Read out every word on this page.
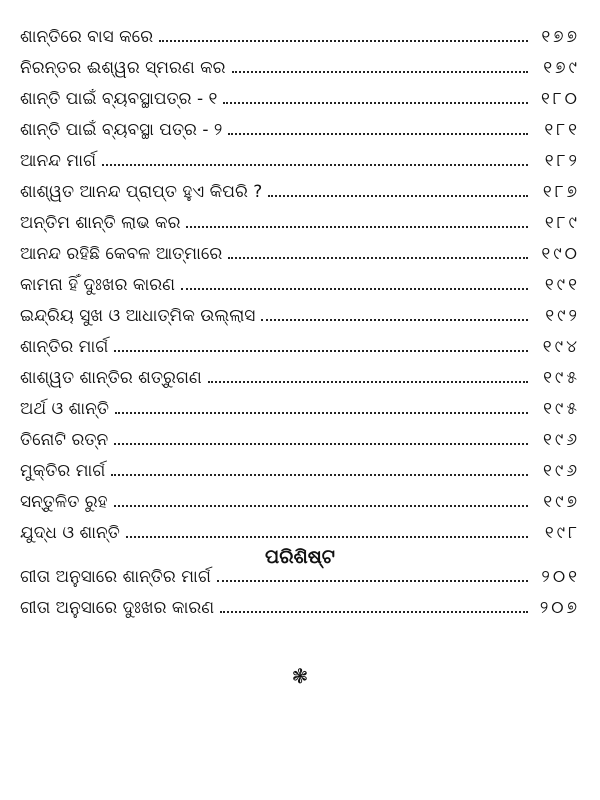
ଶାନ୍ତିରେ ବାସ କରେ	୧୭୭
ନିରନ୍ତର ଈଶ୍ୱର ସ୍ମରଣ କର	୧୭୯
ଶାନ୍ତି ପାଇଁ ବ୍ୟବସ୍ଥାପତ୍ର - ୧	୧୮୦
ଶାନ୍ତି ପାଇଁ ବ୍ୟବସ୍ଥା ପତ୍ର - ୨	୧୮୧
ଆନନ୍ଦ ମାର୍ଗ	୧୮୨
ଶାଶ୍ୱତ ଆନନ୍ଦ ପ୍ରାପ୍ତ ହୁଏ କିପରି ?	୧୮୭
ଅନ୍ତିମ ଶାନ୍ତି ଲାଭ କର	୧୮୯
ଆନନ୍ଦ ରହିଛି କେବଳ ଆତ୍ମାରେ	୧୯୦
କାମନା ହିଁ ଦୁଃଖର କାରଣ	୧୯୧
ଇନ୍ଦ୍ରିୟ ସୁଖ ଓ ଆଧାତ୍ମିକ ଉଲ୍ଲାସ	୧୯୨
ଶାନ୍ତିର ମାର୍ଗ	୧୯୪
ଶାଶ୍ୱତ ଶାନ୍ତିର ଶତ୍ରୁଗଣ	୧୯୫
ଅର୍ଥ ଓ ଶାନ୍ତି	୧୯୫
ତିନୋଟି ରତ୍ନ	୧୯୬
ମୁକ୍ତିର ମାର୍ଗ	୧୯୬
ସନ୍ତୁଳିତ ରୁହ	୧୯୭
ଯୁଦ୍ଧ ଓ ଶାନ୍ତି	୧୯୮
ପରିଶିଷ୍ଟ
ଗୀତା ଅନୁସାରେ ଶାନ୍ତିର ମାର୍ଗ	୨୦୧
ଗୀତା ଅନୁସାରେ ଦୁଃଖର କାରଣ	୨୦୭
❃
